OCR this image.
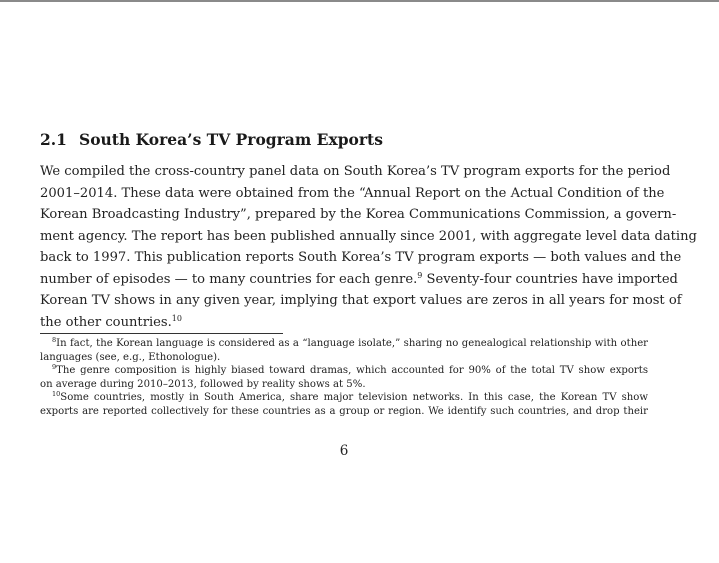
2.1 South Korea’s TV Program Exports
We compiled the cross-country panel data on South Korea’s TV program exports for the period
2001–2014. These data were obtained from the “Annual Report on the Actual Condition of the
Korean Broadcasting Industry”, prepared by the Korea Communications Commission, a govern-
ment agency. The report has been published annually since 2001, with aggregate level data dating
back to 1997. This publication reports South Korea’s TV program exports — both values and the
number of episodes — to many countries for each genre.$^9$ Seventy-four countries have imported
Korean TV shows in any given year, implying that export values are zeros in all years for most of
the other countries.$^{10}$
$^8$In fact, the Korean language is considered as a “language isolate,” sharing no genealogical relationship with other
languages (see, e.g., Ethonologue).
$^9$The genre composition is highly biased toward dramas, which accounted for 90% of the total TV show exports
on average during 2010–2013, followed by reality shows at 5%.
$^{10}$Some countries, mostly in South America, share major television networks. In this case, the Korean TV show
exports are reported collectively for these countries as a group or region. We identify such countries, and drop their
6
